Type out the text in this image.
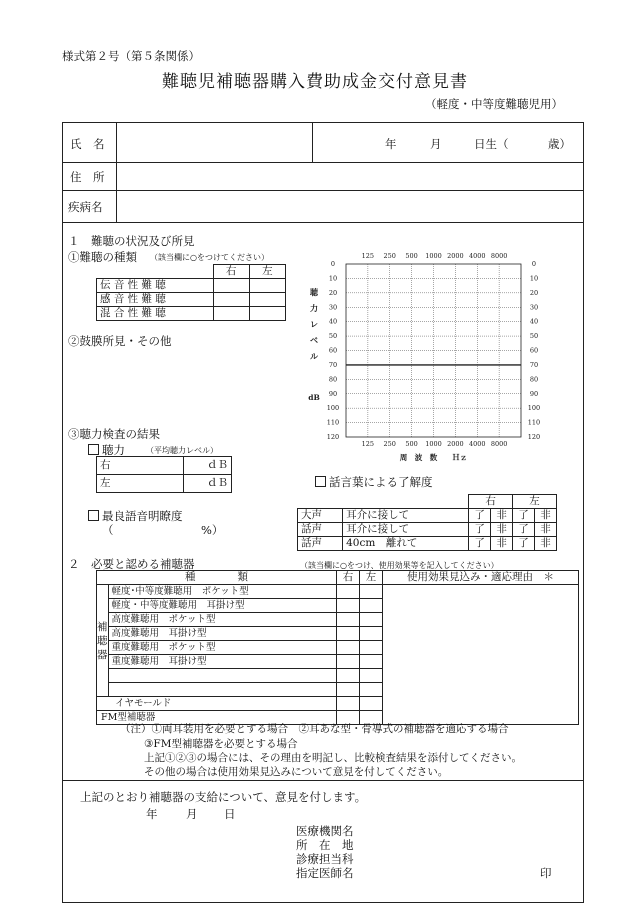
様式第２号（第５条関係）
難聴児補聴器購入費助成金交付意見書
（軽度・中等度難聴児用）
氏　名	年	月	日生（	歳）
住　所
疾病名
１　難聴の状況及び所見
①難聴の種類 （該当欄に○をつけてください）
	右	左
伝 音 性 難 聴		
感 音 性 難 聴		
混 合 性 難 聴		
②鼓膜所見・その他
③聴力検査の結果
聴力	（平均聴力レベル）
右	ｄＢ
左	ｄＢ
最良語音明瞭度
（	%）
0	0
10	10
20	20
30	30
40	40
50	50
60	60
70	70
80	80
90	90
100	100
110	110
120	120
125
125
250
250
500
500
1000
1000
2000
2000
4000
4000
8000
8000
聴
力
レ
ベ
ル
dB
周　波　数　　Ｈｚ
話言葉による了解度
		右		左	
大声	耳介に接して	了	非	了	非
話声	耳介に接して	了	非	了	非
話声	40cm　離れて	了	非	了	非
２　必要と認める補聴器	（該当欄に○をつけ、使用効果等を記入してください）
種　　　　類		右	左	使用効果見込み・適応理由　＊
補
聴
器	軽度･中等度難聴用　ポケット型			
	軽度・中等度難聴用　耳掛け型			
	高度難聴用　ポケット型			
	高度難聴用　耳掛け型			
	重度難聴用　ポケット型			
	重度難聴用　耳掛け型			

イヤモールド				
FM型補聴器				
（注）①両耳装用を必要とする場合　②耳あな型・骨導式の補聴器を適応する場合
③FM型補聴器を必要とする場合
上記①②③の場合には、その理由を明記し、比較検査結果を添付してください。
その他の場合は使用効果見込みについて意見を付してください。
上記のとおり補聴器の支給について、意見を付します。
年 月 日
医療機関名
所　在　地
診療担当科
指定医師名	印
